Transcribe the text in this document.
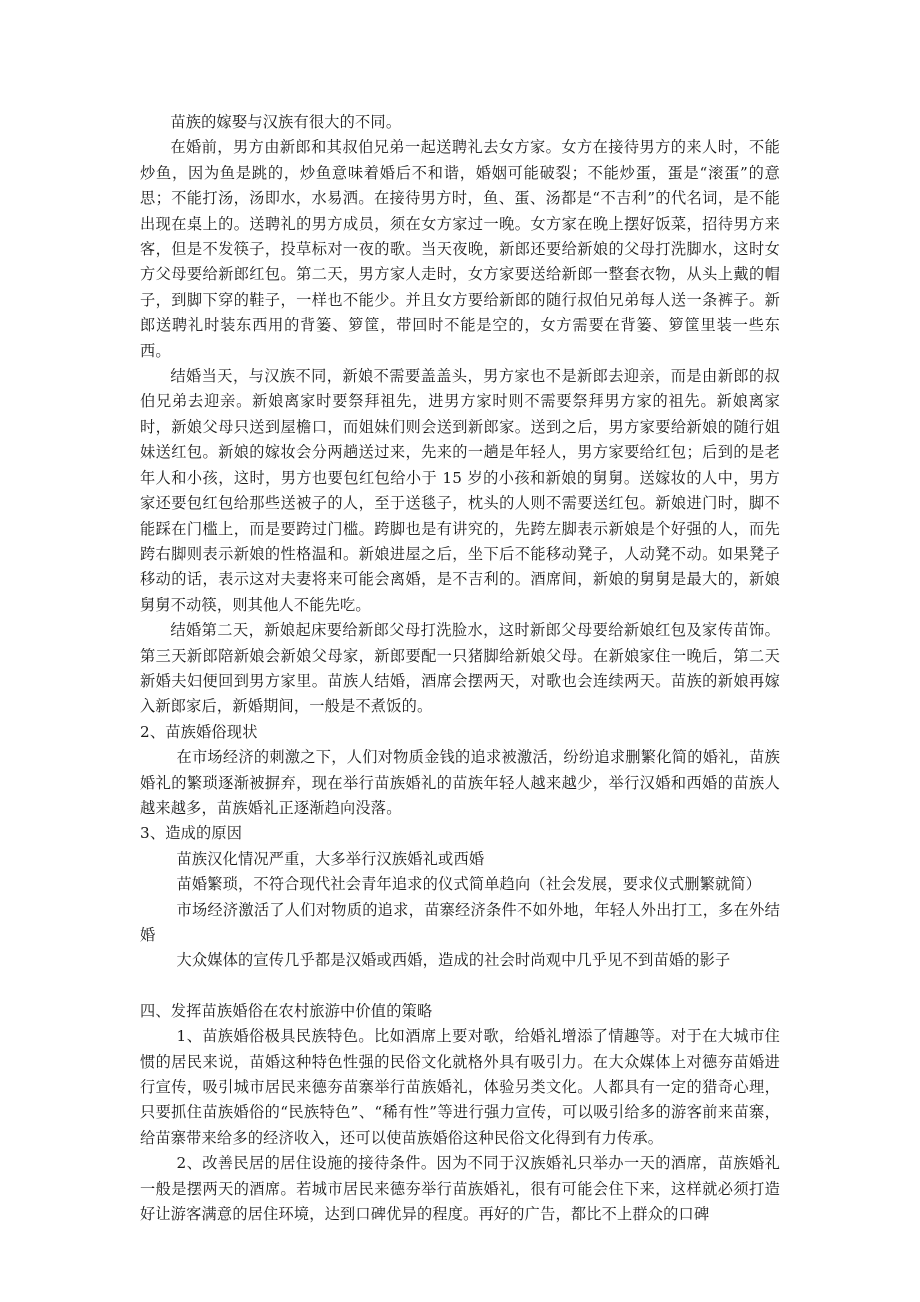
苗族的嫁娶与汉族有很大的不同。

在婚前，男方由新郎和其叔伯兄弟一起送聘礼去女方家。女方在接待男方的来人时，不能炒鱼，因为鱼是跳的，炒鱼意味着婚后不和谐，婚姻可能破裂；不能炒蛋，蛋是“滚蛋”的意思；不能打汤，汤即水，水易洒。在接待男方时，鱼、蛋、汤都是“不吉利”的代名词，是不能出现在桌上的。送聘礼的男方成员，须在女方家过一晚。女方家在晚上摆好饭菜，招待男方来客，但是不发筷子，投草标对一夜的歌。当天夜晚，新郎还要给新娘的父母打洗脚水，这时女方父母要给新郎红包。第二天，男方家人走时，女方家要送给新郎一整套衣物，从头上戴的帽子，到脚下穿的鞋子，一样也不能少。并且女方要给新郎的随行叔伯兄弟每人送一条裤子。新郎送聘礼时装东西用的背篓、箩筐，带回时不能是空的，女方需要在背篓、箩筐里装一些东西。

结婚当天，与汉族不同，新娘不需要盖盖头，男方家也不是新郎去迎亲，而是由新郎的叔伯兄弟去迎亲。新娘离家时要祭拜祖先，进男方家时则不需要祭拜男方家的祖先。新娘离家时，新娘父母只送到屋檐口，而姐妹们则会送到新郎家。送到之后，男方家要给新娘的随行姐妹送红包。新娘的嫁妆会分两趟送过来，先来的一趟是年轻人，男方家要给红包；后到的是老年人和小孩，这时，男方也要包红包给小于 15 岁的小孩和新娘的舅舅。送嫁妆的人中，男方家还要包红包给那些送被子的人，至于送毯子，枕头的人则不需要送红包。新娘进门时，脚不能踩在门槛上，而是要跨过门槛。跨脚也是有讲究的，先跨左脚表示新娘是个好强的人，而先跨右脚则表示新娘的性格温和。新娘进屋之后，坐下后不能移动凳子，人动凳不动。如果凳子移动的话，表示这对夫妻将来可能会离婚，是不吉利的。酒席间，新娘的舅舅是最大的，新娘舅舅不动筷，则其他人不能先吃。

结婚第二天，新娘起床要给新郎父母打洗脸水，这时新郎父母要给新娘红包及家传苗饰。第三天新郎陪新娘会新娘父母家，新郎要配一只猪脚给新娘父母。在新娘家住一晚后，第二天新婚夫妇便回到男方家里。苗族人结婚，酒席会摆两天，对歌也会连续两天。苗族的新娘再嫁入新郎家后，新婚期间，一般是不煮饭的。

2、苗族婚俗现状

在市场经济的刺激之下，人们对物质金钱的追求被激活，纷纷追求删繁化简的婚礼，苗族婚礼的繁琐逐渐被摒弃，现在举行苗族婚礼的苗族年轻人越来越少，举行汉婚和西婚的苗族人越来越多，苗族婚礼正逐渐趋向没落。

3、造成的原因

苗族汉化情况严重，大多举行汉族婚礼或西婚

苗婚繁琐，不符合现代社会青年追求的仪式简单趋向（社会发展，要求仪式删繁就简）

市场经济激活了人们对物质的追求，苗寨经济条件不如外地，年轻人外出打工，多在外结婚

大众媒体的宣传几乎都是汉婚或西婚，造成的社会时尚观中几乎见不到苗婚的影子

四、发挥苗族婚俗在农村旅游中价值的策略

1、苗族婚俗极具民族特色。比如酒席上要对歌，给婚礼增添了情趣等。对于在大城市住惯的居民来说，苗婚这种特色性强的民俗文化就格外具有吸引力。在大众媒体上对德夯苗婚进行宣传，吸引城市居民来德夯苗寨举行苗族婚礼，体验另类文化。人都具有一定的猎奇心理，只要抓住苗族婚俗的“民族特色”、“稀有性”等进行强力宣传，可以吸引给多的游客前来苗寨，给苗寨带来给多的经济收入，还可以使苗族婚俗这种民俗文化得到有力传承。

2、改善民居的居住设施的接待条件。因为不同于汉族婚礼只举办一天的酒席，苗族婚礼一般是摆两天的酒席。若城市居民来德夯举行苗族婚礼，很有可能会住下来，这样就必须打造好让游客满意的居住环境，达到口碑优异的程度。再好的广告，都比不上群众的口碑
